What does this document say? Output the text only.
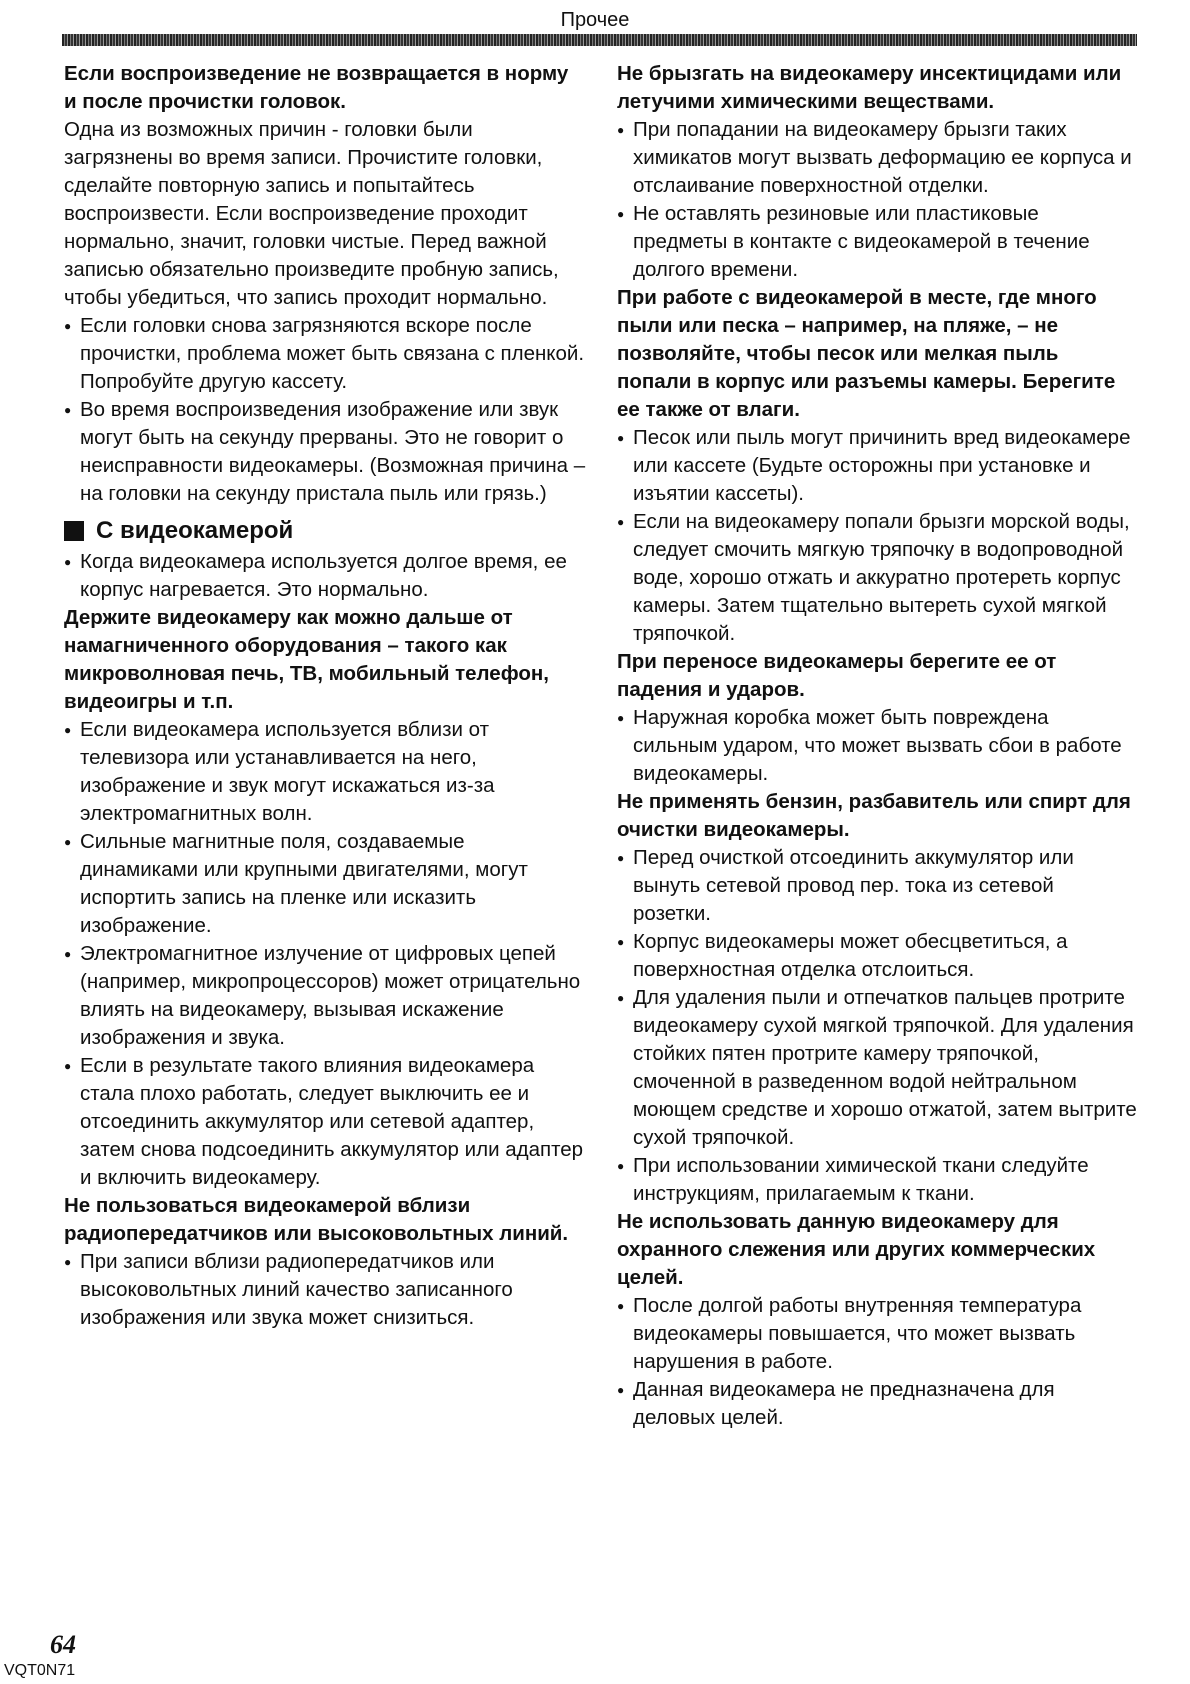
Прочее

Если воспроизведение не возвращается в норму и после прочистки головок.

Одна из возможных причин - головки были загрязнены во время записи. Прочистите головки, сделайте повторную запись и попытайтесь воспроизвести. Если воспроизведение проходит нормально, значит, головки чистые. Перед важной записью обязательно произведите пробную запись, чтобы убедиться, что запись проходит нормально.

● Если головки снова загрязняются вскоре после прочистки, проблема может быть связана с пленкой. Попробуйте другую кассету.

● Во время воспроизведения изображение или звук могут быть на секунду прерваны. Это не говорит о неисправности видеокамеры. (Возможная причина – на головки на секунду пристала пыль или грязь.)

С видеокамерой

● Когда видеокамера используется долгое время, ее корпус нагревается. Это нормально.

Держите видеокамеру как можно дальше от намагниченного оборудования – такого как микроволновая печь, ТВ, мобильный телефон, видеоигры и т.п.

● Если видеокамера используется вблизи от телевизора или устанавливается на него, изображение и звук могут искажаться из-за электромагнитных волн.

● Сильные магнитные поля, создаваемые динамиками или крупными двигателями, могут испортить запись на пленке или исказить изображение.

● Электромагнитное излучение от цифровых цепей (например, микропроцессоров) может отрицательно влиять на видеокамеру, вызывая искажение изображения и звука.

● Если в результате такого влияния видеокамера стала плохо работать, следует выключить ее и отсоединить аккумулятор или сетевой адаптер, затем снова подсоединить аккумулятор или адаптер и включить видеокамеру.

Не пользоваться видеокамерой вблизи радиопередатчиков или высоковольтных линий.

● При записи вблизи радиопередатчиков или высоковольтных линий качество записанного изображения или звука может снизиться.

Не брызгать на видеокамеру инсектицидами или летучими химическими веществами.

● При попадании на видеокамеру брызги таких химикатов могут вызвать деформацию ее корпуса и отслаивание поверхностной отделки.

● Не оставлять резиновые или пластиковые предметы в контакте с видеокамерой в течение долгого времени.

При работе с видеокамерой в месте, где много пыли или песка – например, на пляже, – не позволяйте, чтобы песок или мелкая пыль попали в корпус или разъемы камеры. Берегите ее также от влаги.

● Песок или пыль могут причинить вред видеокамере или кассете (Будьте осторожны при установке и изъятии кассеты).

● Если на видеокамеру попали брызги морской воды, следует смочить мягкую тряпочку в водопроводной воде, хорошо отжать и аккуратно протереть корпус камеры. Затем тщательно вытереть сухой мягкой тряпочкой.

При переносе видеокамеры берегите ее от падения и ударов.

● Наружная коробка может быть повреждена сильным ударом, что может вызвать сбои в работе видеокамеры.

Не применять бензин, разбавитель или спирт для очистки видеокамеры.

● Перед очисткой отсоединить аккумулятор или вынуть сетевой провод пер. тока из сетевой розетки.

● Корпус видеокамеры может обесцветиться, а поверхностная отделка отслоиться.

● Для удаления пыли и отпечатков пальцев протрите видеокамеру сухой мягкой тряпочкой. Для удаления стойких пятен протрите камеру тряпочкой, смоченной в разведенном водой нейтральном моющем средстве и хорошо отжатой, затем вытрите сухой тряпочкой.

● При использовании химической ткани следуйте инструкциям, прилагаемым к ткани.

Не использовать данную видеокамеру для охранного слежения или других коммерческих целей.

● После долгой работы внутренняя температура видеокамеры повышается, что может вызвать нарушения в работе.

● Данная видеокамера не предназначена для деловых целей.

64
VQT0N71
